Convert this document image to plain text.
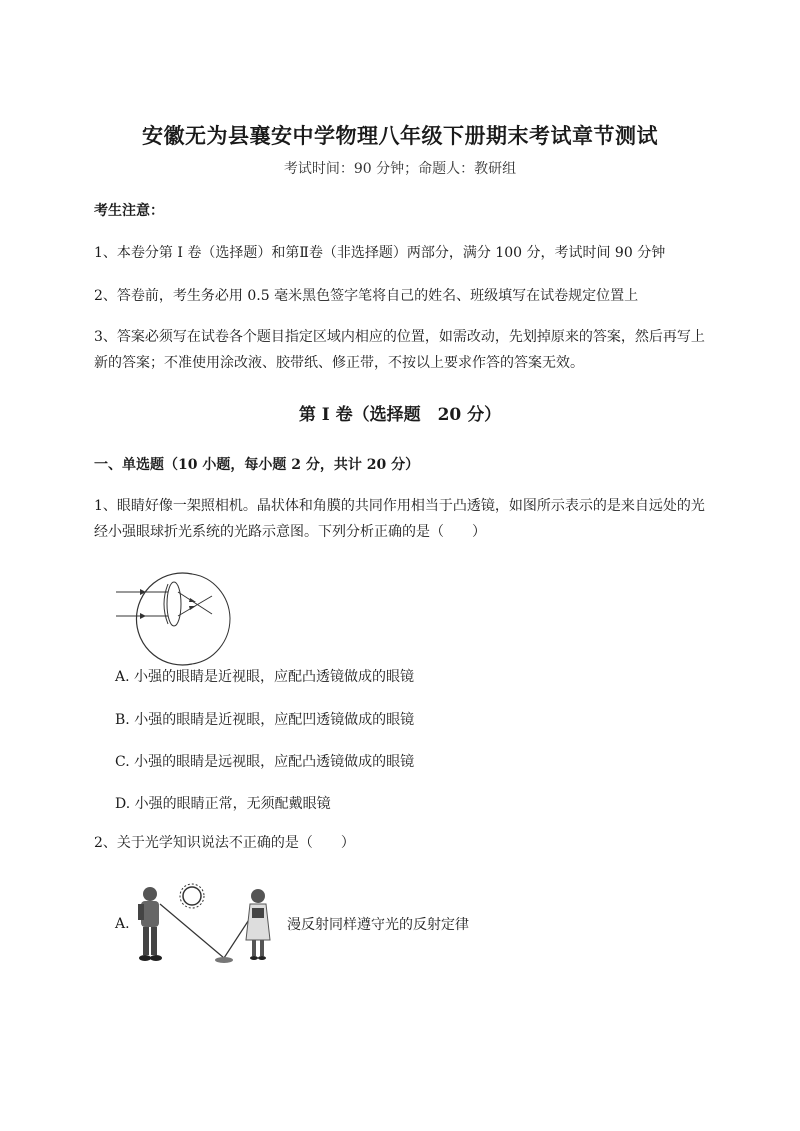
安徽无为县襄安中学物理八年级下册期末考试章节测试
考试时间：90 分钟；命题人：教研组
考生注意：
1、本卷分第 I 卷（选择题）和第Ⅱ卷（非选择题）两部分，满分 100 分，考试时间 90 分钟
2、答卷前，考生务必用 0.5 毫米黑色签字笔将自己的姓名、班级填写在试卷规定位置上
3、答案必须写在试卷各个题目指定区域内相应的位置，如需改动，先划掉原来的答案，然后再写上新的答案；不准使用涂改液、胶带纸、修正带，不按以上要求作答的答案无效。
第 I 卷（选择题　20 分）
一、单选题（10 小题，每小题 2 分，共计 20 分）
1、眼睛好像一架照相机。晶状体和角膜的共同作用相当于凸透镜，如图所示表示的是来自远处的光经小强眼球折光系统的光路示意图。下列分析正确的是（　　）
A. 小强的眼睛是近视眼，应配凸透镜做成的眼镜
B. 小强的眼睛是近视眼，应配凹透镜做成的眼镜
C. 小强的眼睛是远视眼，应配凸透镜做成的眼镜
D. 小强的眼睛正常，无须配戴眼镜
2、关于光学知识说法不正确的是（　　）
A.	漫反射同样遵守光的反射定律
